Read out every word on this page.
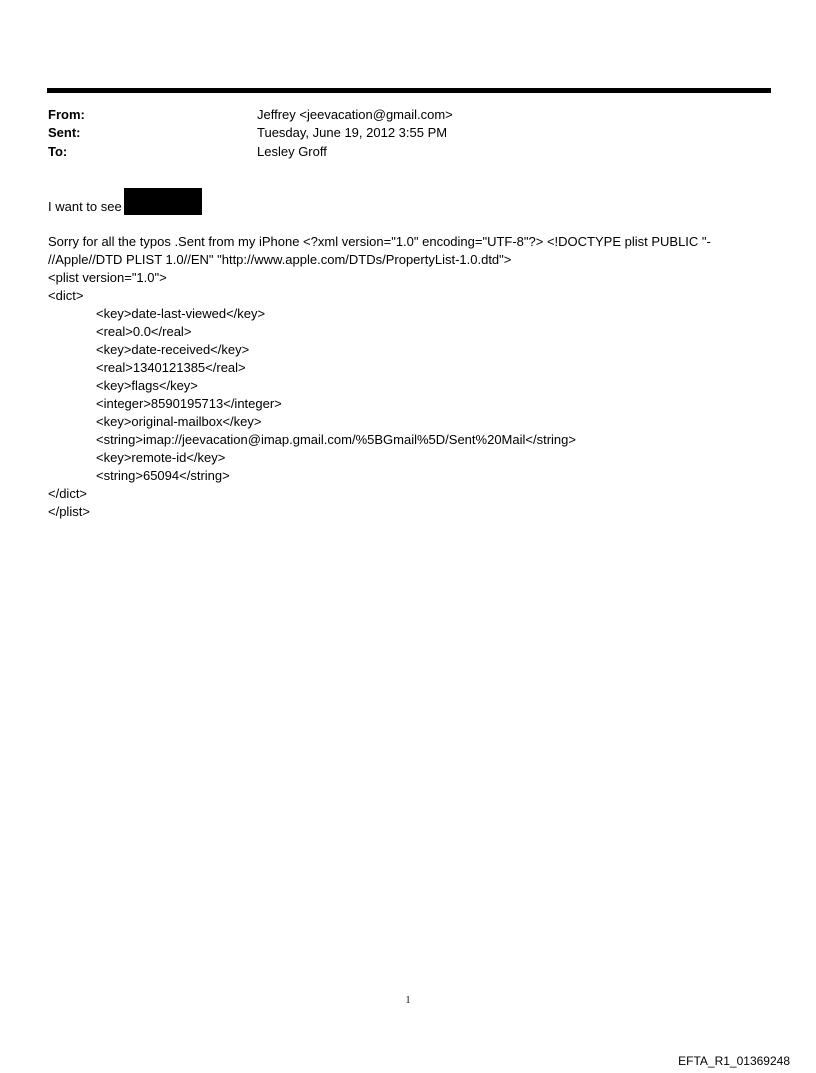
From:	Jeffrey <jeevacation@gmail.com>
Sent:	Tuesday, June 19, 2012 3:55 PM
To:	Lesley Groff
I want to see
Sorry for all the typos .Sent from my iPhone <?xml version="1.0" encoding="UTF-8"?> <!DOCTYPE plist PUBLIC "-
//Apple//DTD PLIST 1.0//EN" "http://www.apple.com/DTDs/PropertyList-1.0.dtd">
<plist version="1.0">
<dict>
<key>date-last-viewed</key>
<real>0.0</real>
<key>date-received</key>
<real>1340121385</real>
<key>flags</key>
<integer>8590195713</integer>
<key>original-mailbox</key>
<string>imap://jeevacation@imap.gmail.com/%5BGmail%5D/Sent%20Mail</string>
<key>remote-id</key>
<string>65094</string>
</dict>
</plist>
1
EFTA_R1_01369248
